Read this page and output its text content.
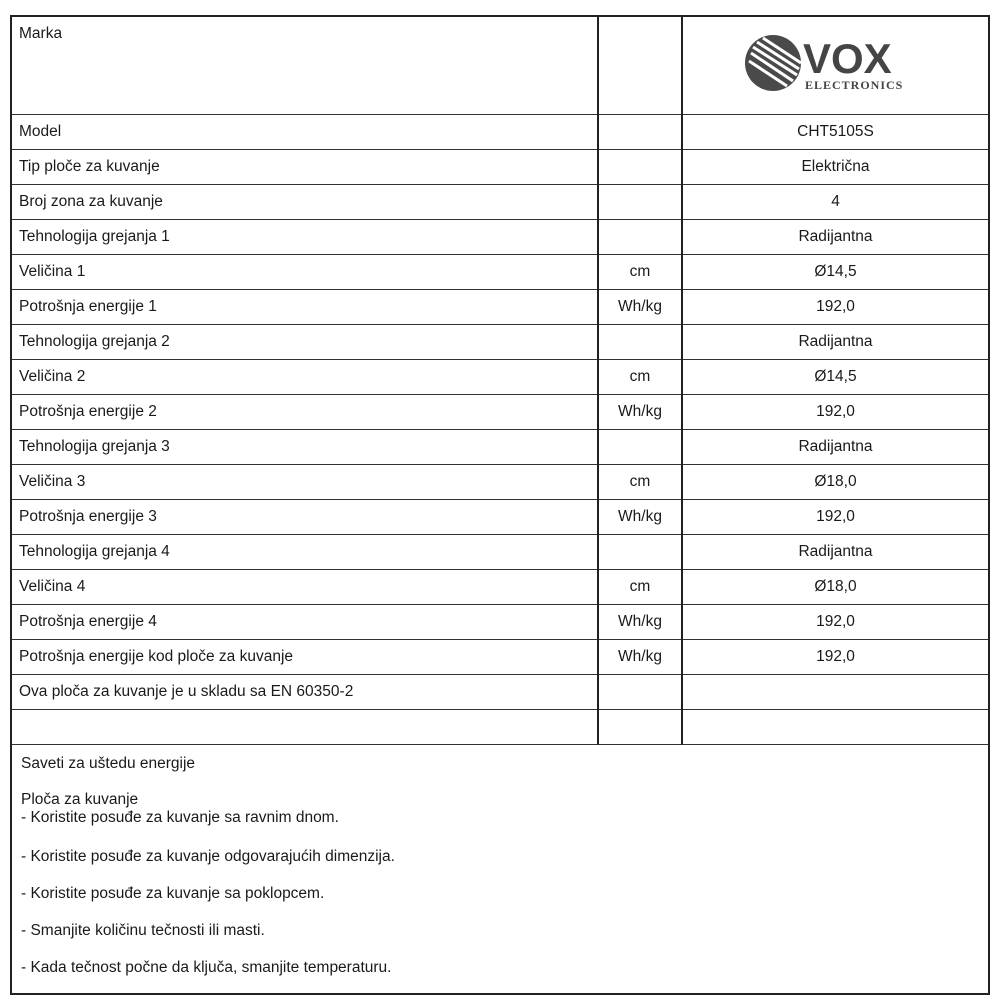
Marka		VOX
ELECTRONICS

Model		CHT5105S
Tip ploče za kuvanje		Električna
Broj zona za kuvanje		4
Tehnologija grejanja 1		Radijantna
Veličina 1	cm	Ø14,5
Potrošnja energije 1	Wh/kg	192,0
Tehnologija grejanja 2		Radijantna
Veličina 2	cm	Ø14,5
Potrošnja energije 2	Wh/kg	192,0
Tehnologija grejanja 3		Radijantna
Veličina 3	cm	Ø18,0
Potrošnja energije 3	Wh/kg	192,0
Tehnologija grejanja 4		Radijantna
Veličina 4	cm	Ø18,0
Potrošnja energije 4	Wh/kg	192,0
Potrošnja energije kod ploče za kuvanje	Wh/kg	192,0
Ova ploča za kuvanje je u skladu sa EN 60350-2		

Saveti za uštedu energije
Ploča za kuvanje
- Koristite posuđe za kuvanje sa ravnim dnom.
- Koristite posuđe za kuvanje odgovarajućih dimenzija.
- Koristite posuđe za kuvanje sa poklopcem.
- Smanjite količinu tečnosti ili masti.
- Kada tečnost počne da ključa, smanjite temperaturu.
